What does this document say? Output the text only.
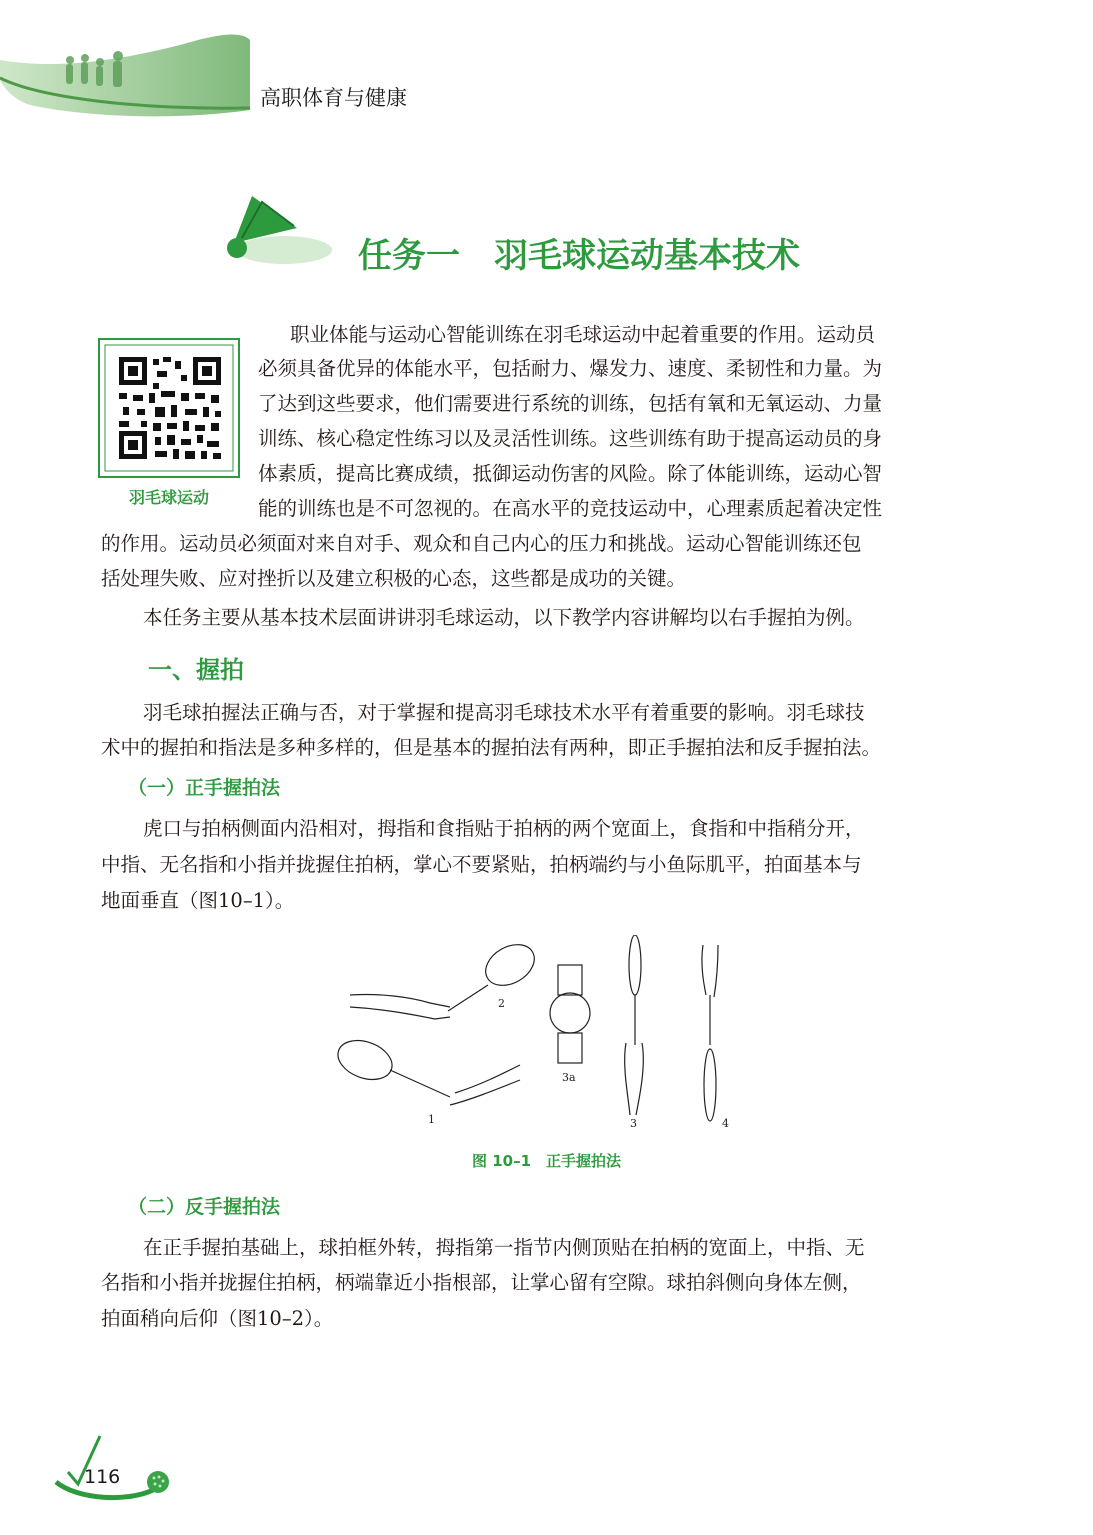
高职体育与健康
任务一　羽毛球运动基本技术
羽毛球运动
职业体能与运动心智能训练在羽毛球运动中起着重要的作用。运动员
必须具备优异的体能水平，包括耐力、爆发力、速度、柔韧性和力量。为
了达到这些要求，他们需要进行系统的训练，包括有氧和无氧运动、力量
训练、核心稳定性练习以及灵活性训练。这些训练有助于提高运动员的身
体素质，提高比赛成绩，抵御运动伤害的风险。除了体能训练，运动心智
能的训练也是不可忽视的。在高水平的竞技运动中，心理素质起着决定性
的作用。运动员必须面对来自对手、观众和自己内心的压力和挑战。运动心智能训练还包
括处理失败、应对挫折以及建立积极的心态，这些都是成功的关键。
本任务主要从基本技术层面讲讲羽毛球运动，以下教学内容讲解均以右手握拍为例。
一、握拍
羽毛球拍握法正确与否，对于掌握和提高羽毛球技术水平有着重要的影响。羽毛球技
术中的握拍和指法是多种多样的，但是基本的握拍法有两种，即正手握拍法和反手握拍法。
（一）正手握拍法
虎口与拍柄侧面内沿相对，拇指和食指贴于拍柄的两个宽面上，食指和中指稍分开，
中指、无名指和小指并拢握住拍柄，掌心不要紧贴，拍柄端约与小鱼际肌平，拍面基本与
地面垂直（图10–1）。
1
2
3a
3	4
图 10–1　正手握拍法
（二）反手握拍法
在正手握拍基础上，球拍框外转，拇指第一指节内侧顶贴在拍柄的宽面上，中指、无
名指和小指并拢握住拍柄，柄端靠近小指根部，让掌心留有空隙。球拍斜侧向身体左侧，
拍面稍向后仰（图10–2）。
116
